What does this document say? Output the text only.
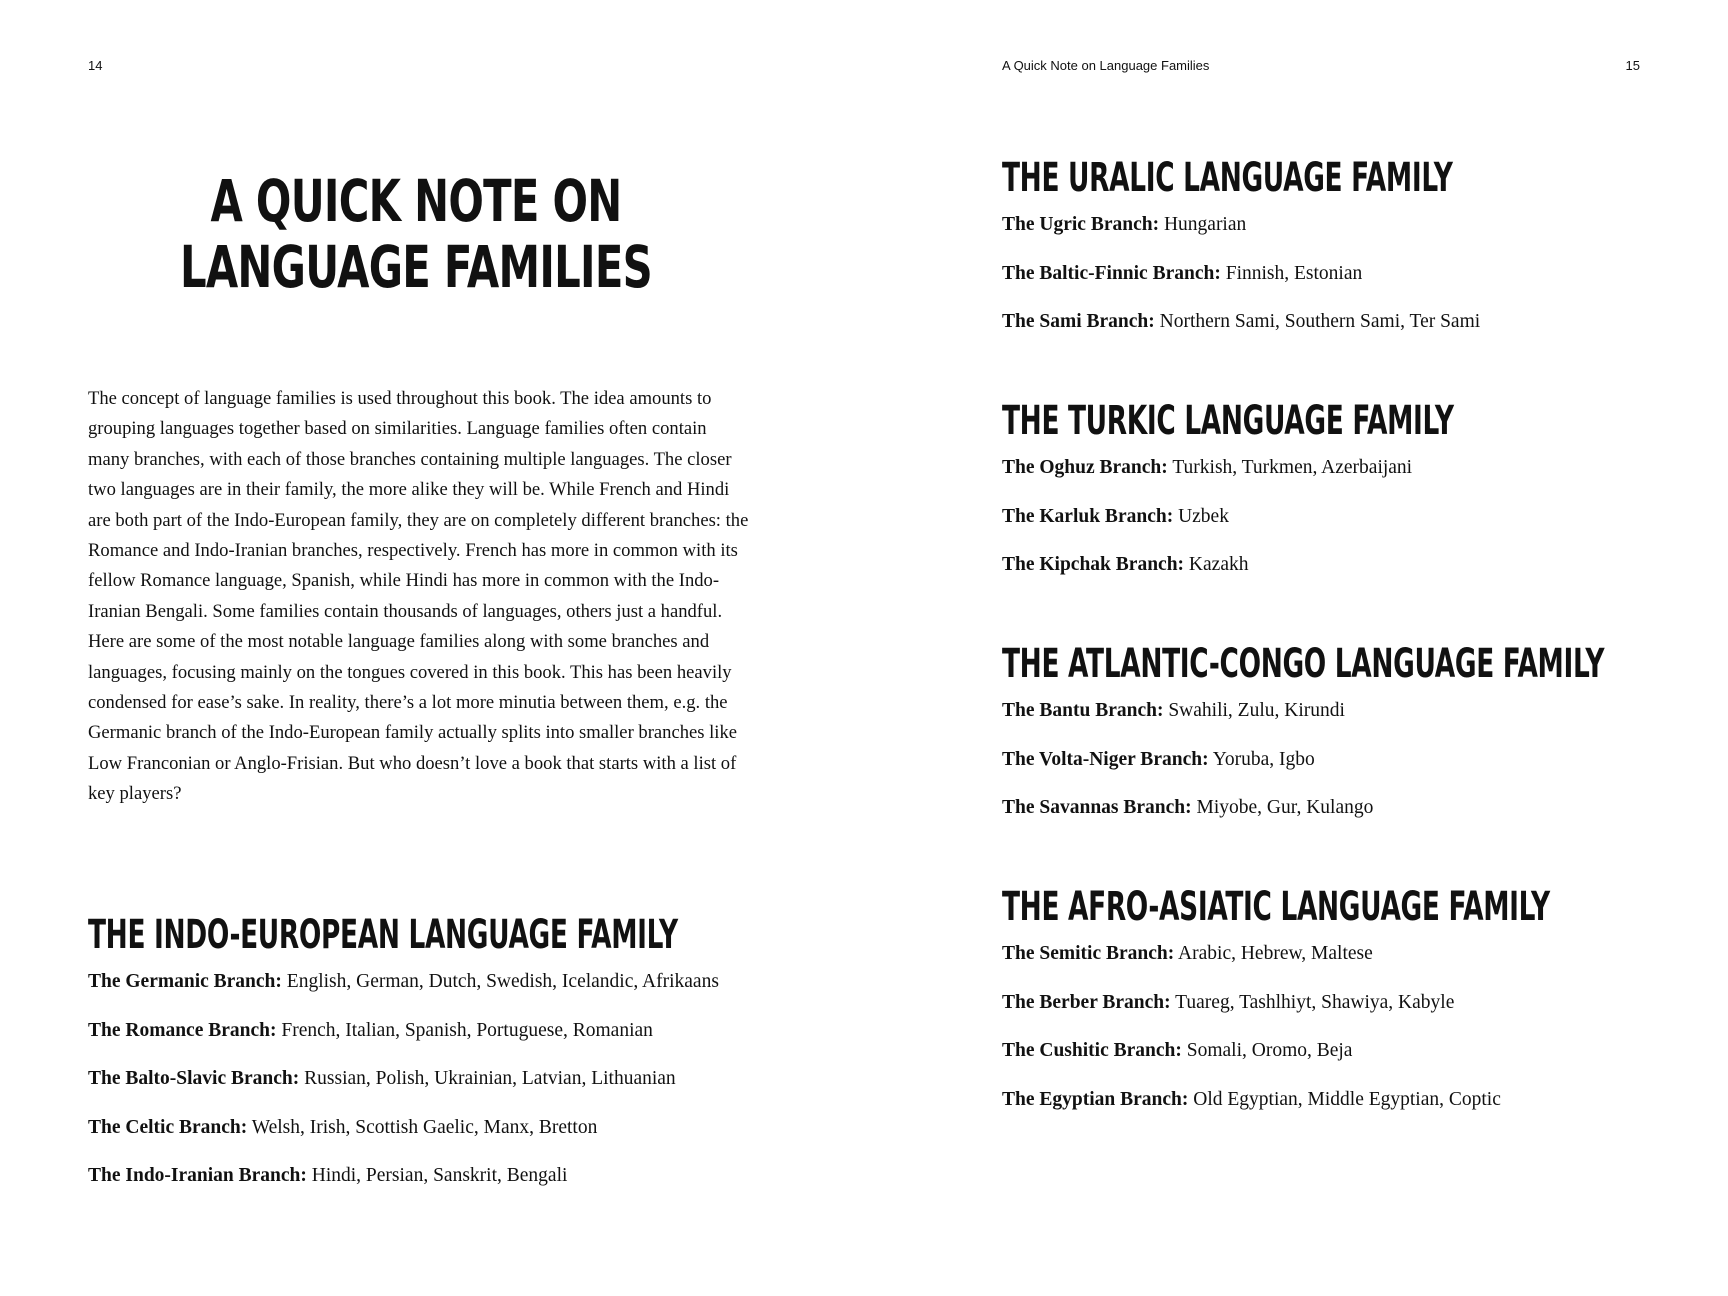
14
A QUICK NOTE ON
LANGUAGE FAMILIES

The concept of language families is used throughout this book. The idea amounts to grouping languages together based on similarities. Language families often contain many branches, with each of those branches containing multiple languages. The closer two languages are in their family, the more alike they will be. While French and Hindi are both part of the Indo-European family, they are on completely different branches: the Romance and Indo-Iranian branches, respectively. French has more in common with its fellow Romance language, Spanish, while Hindi has more in common with the Indo-Iranian Bengali. Some families contain thousands of languages, others just a handful. Here are some of the most notable language families along with some branches and languages, focusing mainly on the tongues covered in this book. This has been heavily condensed for ease’s sake. In reality, there’s a lot more minutia between them, e.g. the Germanic branch of the Indo-European family actually splits into smaller branches like Low Franconian or Anglo-Frisian. But who doesn’t love a book that starts with a list of key players?

THE INDO-EUROPEAN LANGUAGE FAMILY

The Germanic Branch: English, German, Dutch, Swedish, Icelandic, Afrikaans

The Romance Branch: French, Italian, Spanish, Portuguese, Romanian

The Balto-Slavic Branch: Russian, Polish, Ukrainian, Latvian, Lithuanian

The Celtic Branch: Welsh, Irish, Scottish Gaelic, Manx, Bretton

The Indo-Iranian Branch: Hindi, Persian, Sanskrit, Bengali

A Quick Note on Language Families	15
THE URALIC LANGUAGE FAMILY

The Ugric Branch: Hungarian

The Baltic-Finnic Branch: Finnish, Estonian

The Sami Branch: Northern Sami, Southern Sami, Ter Sami

THE TURKIC LANGUAGE FAMILY

The Oghuz Branch: Turkish, Turkmen, Azerbaijani

The Karluk Branch: Uzbek

The Kipchak Branch: Kazakh

THE ATLANTIC-CONGO LANGUAGE FAMILY

The Bantu Branch: Swahili, Zulu, Kirundi

The Volta-Niger Branch: Yoruba, Igbo

The Savannas Branch: Miyobe, Gur, Kulango

THE AFRO-ASIATIC LANGUAGE FAMILY

The Semitic Branch: Arabic, Hebrew, Maltese

The Berber Branch: Tuareg, Tashlhiyt, Shawiya, Kabyle

The Cushitic Branch: Somali, Oromo, Beja

The Egyptian Branch: Old Egyptian, Middle Egyptian, Coptic
